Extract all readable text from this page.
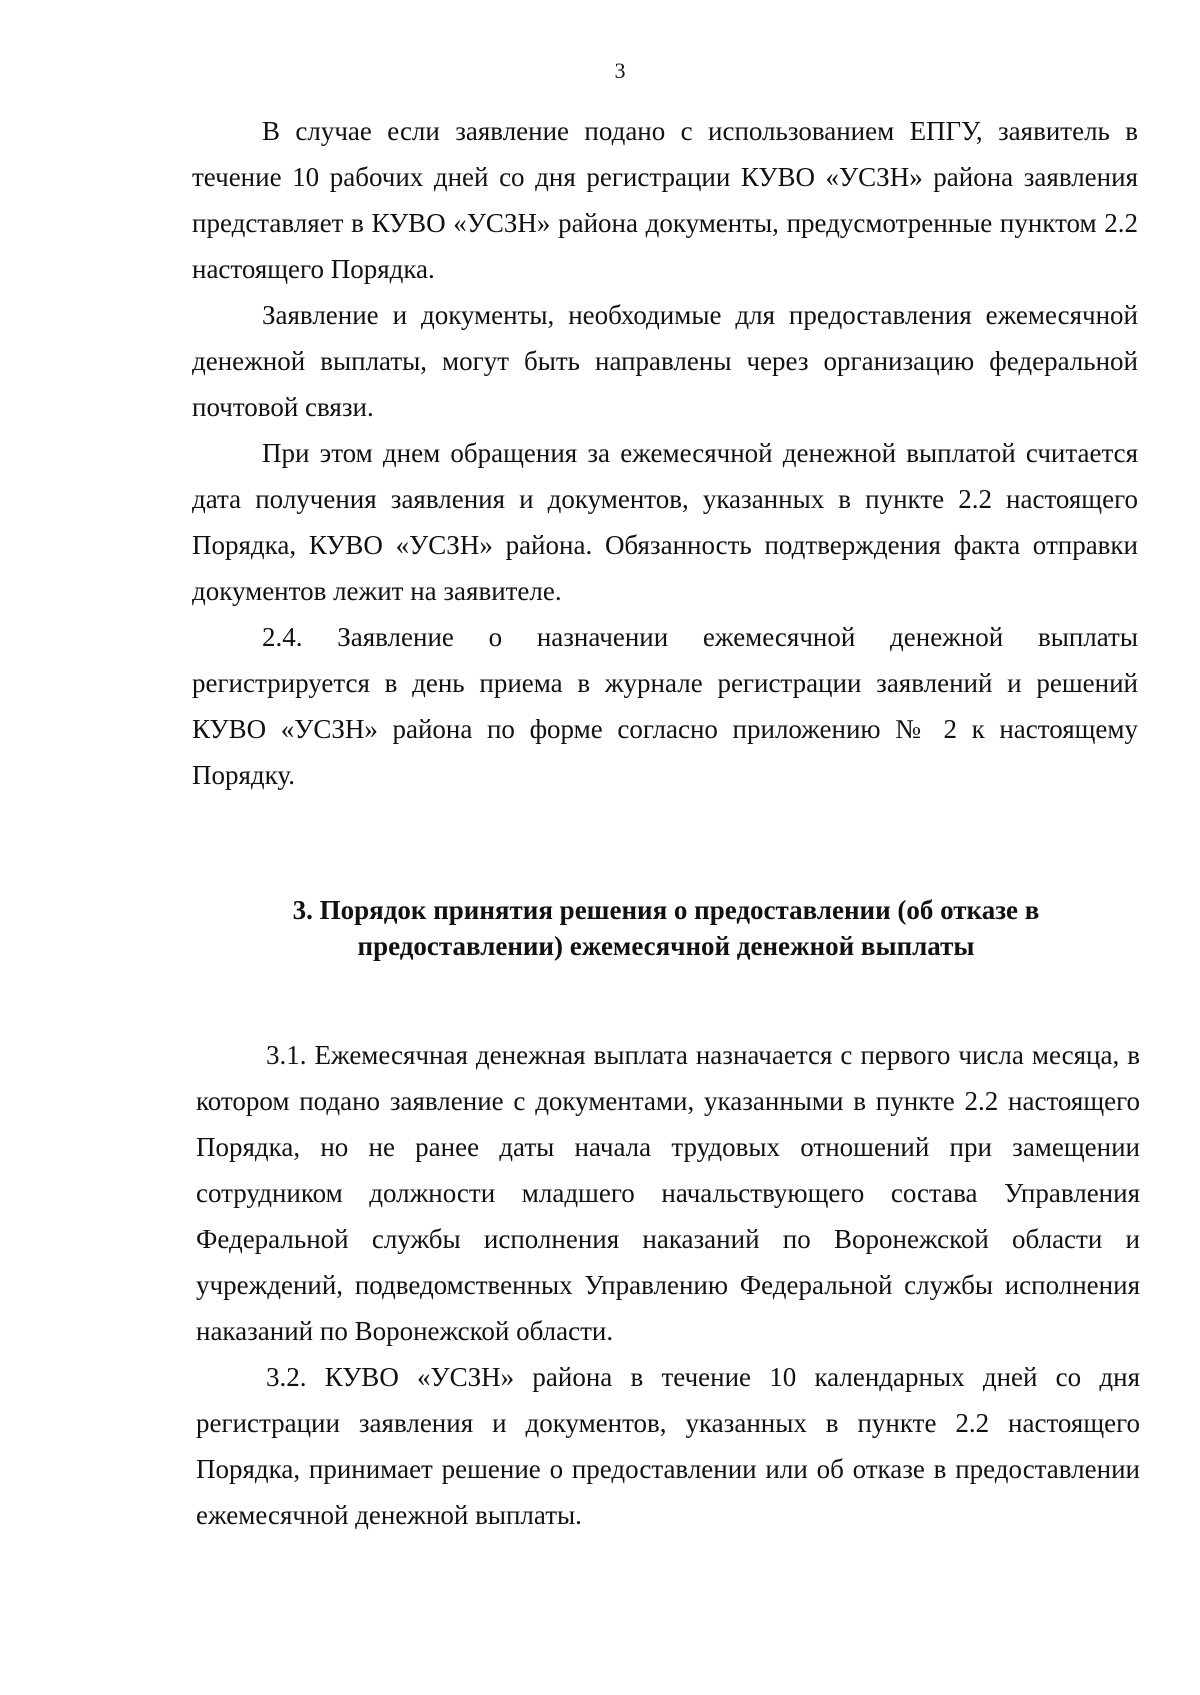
3

В случае если заявление подано с использованием ЕПГУ, заявитель в течение 10 рабочих дней со дня регистрации КУВО «УСЗН» района заявления представляет в КУВО «УСЗН» района документы, предусмотренные пунктом 2.2 настоящего Порядка.

Заявление и документы, необходимые для предоставления ежемесячной денежной выплаты, могут быть направлены через организацию федеральной почтовой связи.

При этом днем обращения за ежемесячной денежной выплатой считается дата получения заявления и документов, указанных в пункте 2.2 настоящего Порядка, КУВО «УСЗН» района. Обязанность подтверждения факта отправки документов лежит на заявителе.

2.4. Заявление о назначении ежемесячной денежной выплаты регистрируется в день приема в журнале регистрации заявлений и решений КУВО «УСЗН» района по форме согласно приложению № 2 к настоящему Порядку.

3. Порядок принятия решения о предоставлении (об отказе в
предоставлении) ежемесячной денежной выплаты

3.1. Ежемесячная денежная выплата назначается с первого числа месяца, в котором подано заявление с документами, указанными в пункте 2.2 настоящего Порядка, но не ранее даты начала трудовых отношений при замещении сотрудником должности младшего начальствующего состава Управления Федеральной службы исполнения наказаний по Воронежской области и учреждений, подведомственных Управлению Федеральной службы исполнения наказаний по Воронежской области.

3.2. КУВО «УСЗН» района в течение 10 календарных дней со дня регистрации заявления и документов, указанных в пункте 2.2 настоящего Порядка, принимает решение о предоставлении или об отказе в предоставлении ежемесячной денежной выплаты.
